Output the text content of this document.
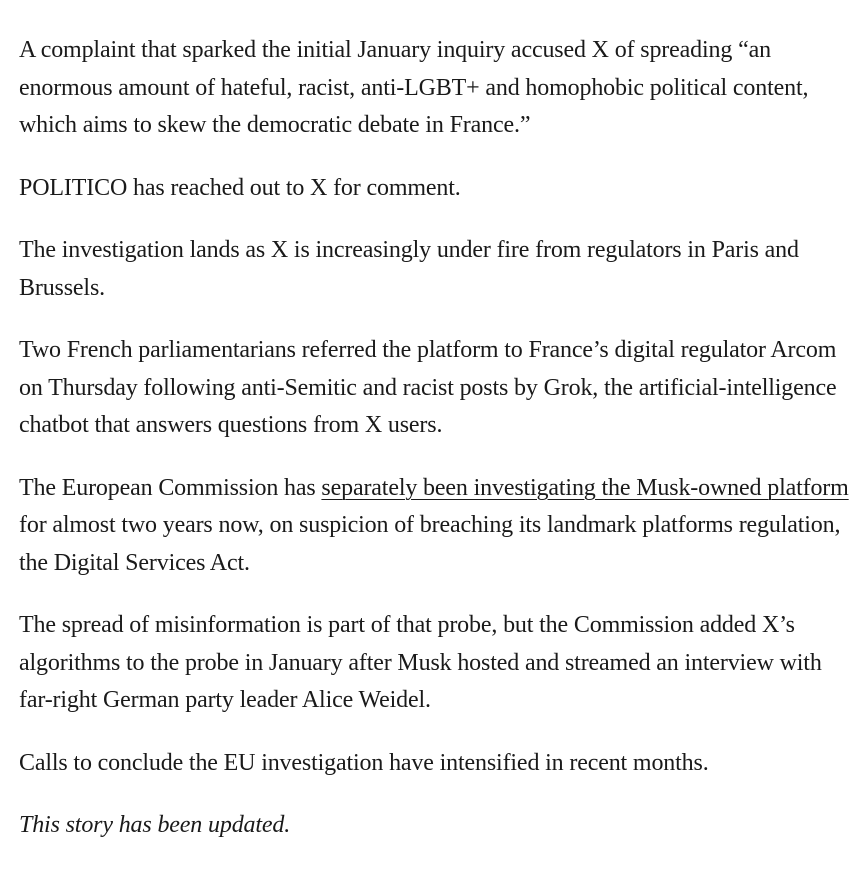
A complaint that sparked the initial January inquiry accused X of spreading “an enormous amount of hateful, racist, anti-LGBT+ and homophobic political content, which aims to skew the democratic debate in France.”

POLITICO has reached out to X for comment.

The investigation lands as X is increasingly under fire from regulators in Paris and Brussels.

Two French parliamentarians referred the platform to France’s digital regulator Arcom on Thursday following anti-Semitic and racist posts by Grok, the artificial-intelligence chatbot that answers questions from X users.

The European Commission has separately been investigating the Musk-owned platform for almost two years now, on suspicion of breaching its landmark platforms regulation, the Digital Services Act.

The spread of misinformation is part of that probe, but the Commission added X’s algorithms to the probe in January after Musk hosted and streamed an interview with far-right German party leader Alice Weidel.

Calls to conclude the EU investigation have intensified in recent months.

This story has been updated.
